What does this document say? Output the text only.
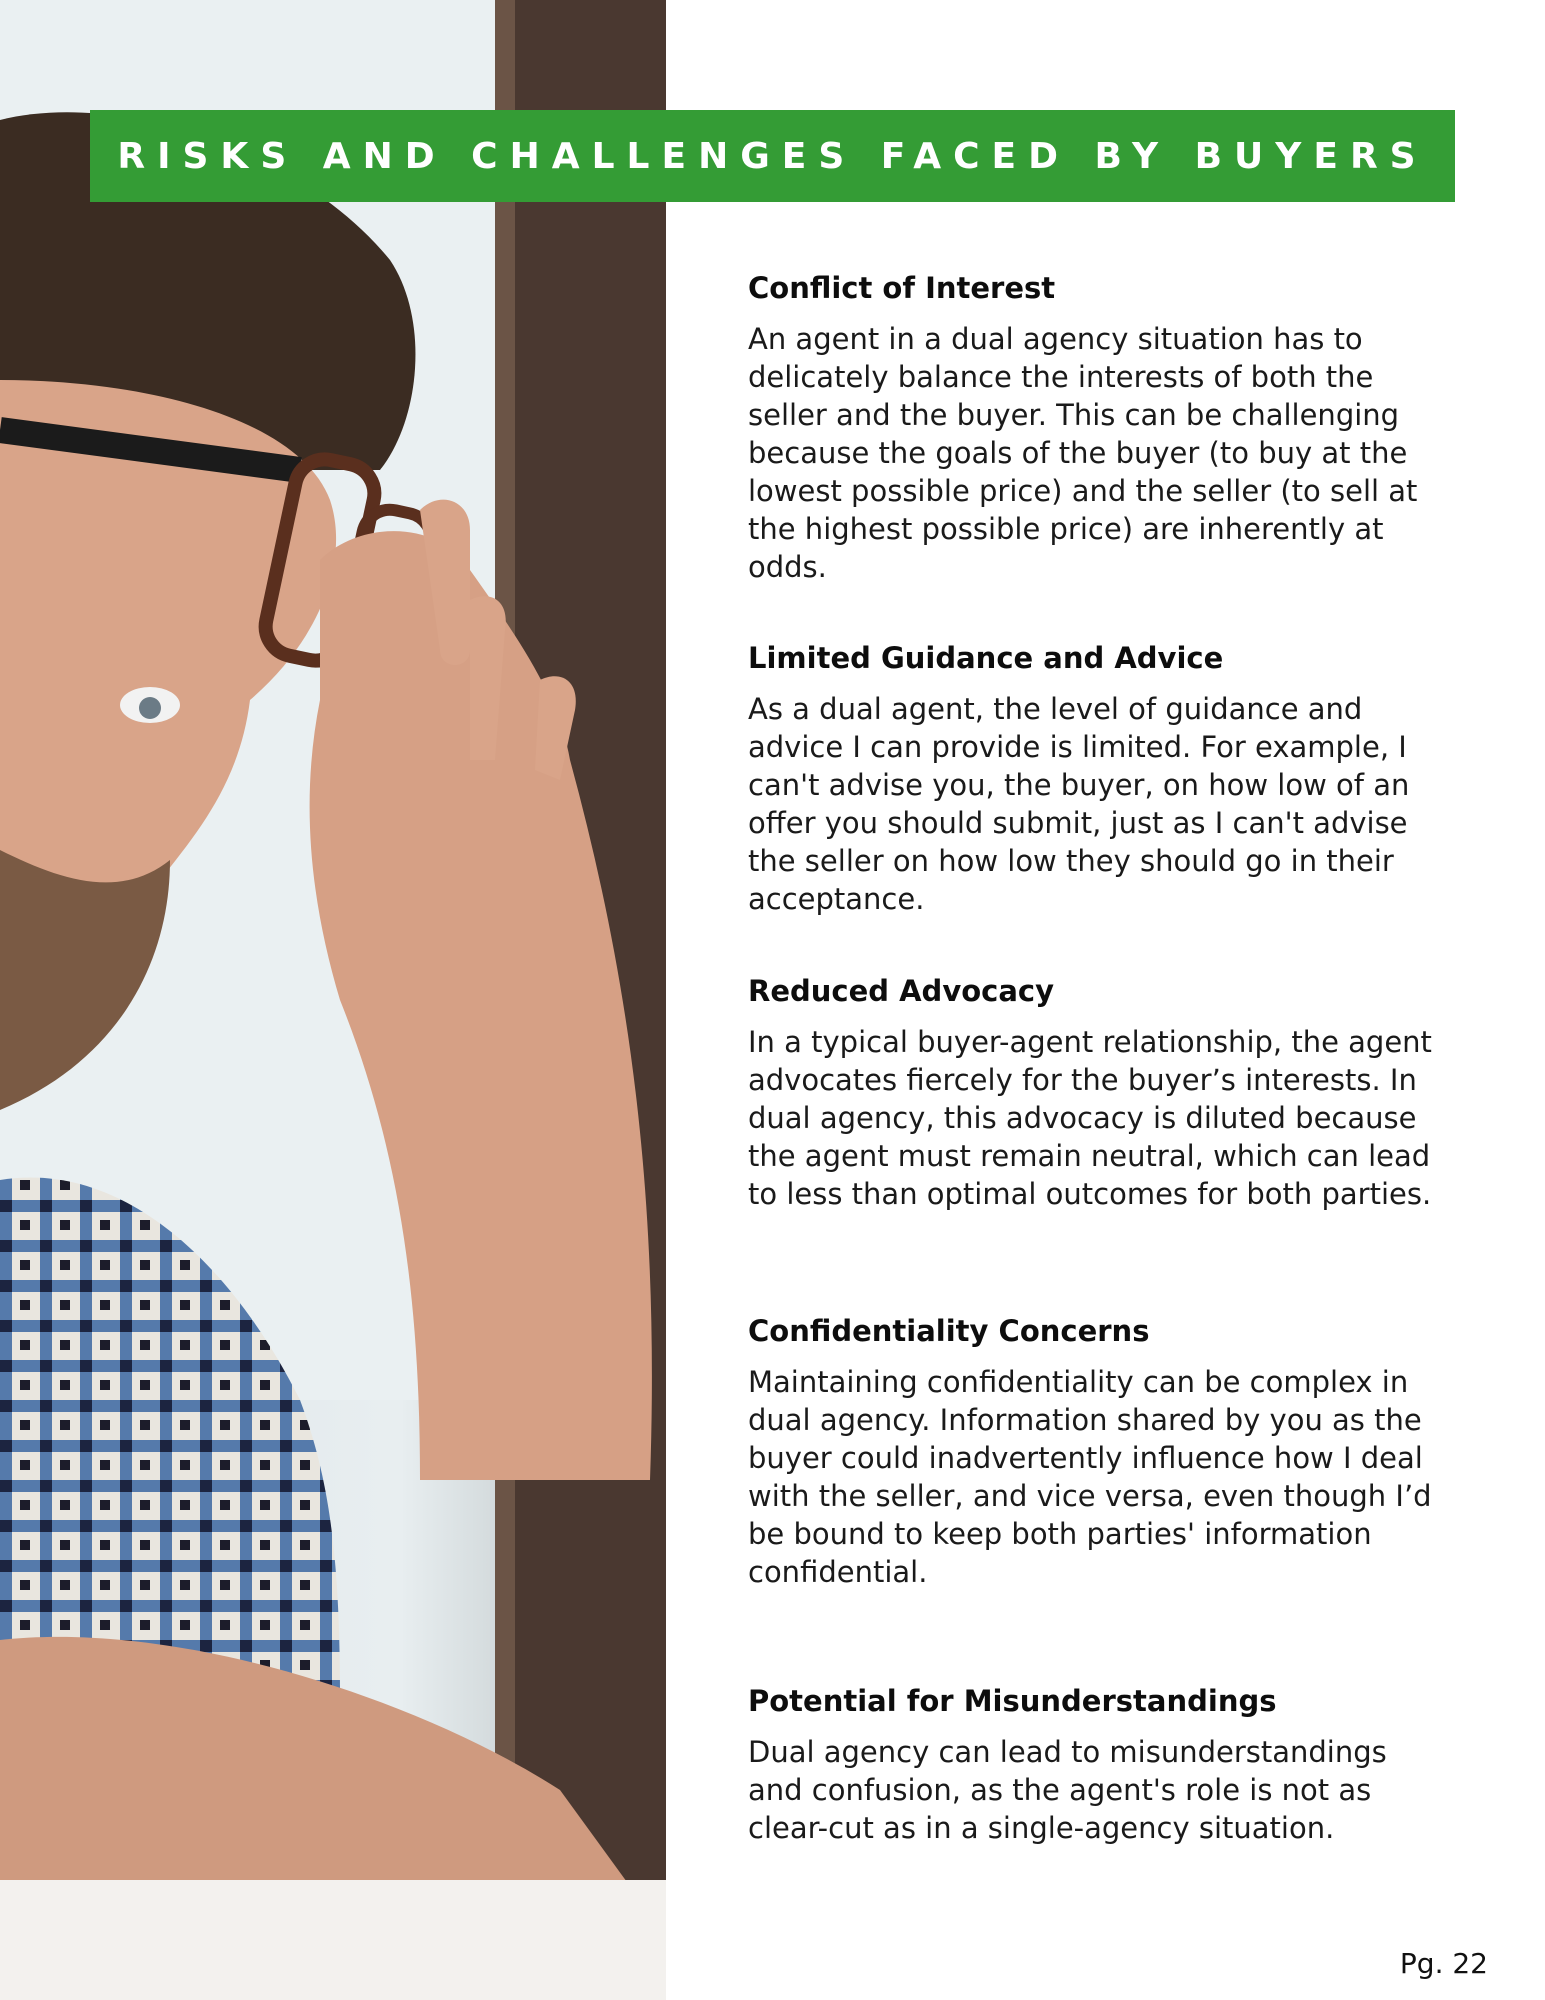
RISKS AND CHALLENGES FACED BY BUYERS
Conflict of Interest

An agent in a dual agency situation has to delicately balance the interests of both the seller and the buyer. This can be challenging because the goals of the buyer (to buy at the lowest possible price) and the seller (to sell at the highest possible price) are inherently at odds.

Limited Guidance and Advice

As a dual agent, the level of guidance and advice I can provide is limited. For example, I can't advise you, the buyer, on how low of an offer you should submit, just as I can't advise the seller on how low they should go in their acceptance.

Reduced Advocacy

In a typical buyer-agent relationship, the agent advocates fiercely for the buyer’s interests. In dual agency, this advocacy is diluted because the agent must remain neutral, which can lead to less than optimal outcomes for both parties.

Confidentiality Concerns

Maintaining confidentiality can be complex in dual agency. Information shared by you as the buyer could inadvertently influence how I deal with the seller, and vice versa, even though I’d be bound to keep both parties' information confidential.

Potential for Misunderstandings

Dual agency can lead to misunderstandings and confusion, as the agent's role is not as clear-cut as in a single-agency situation.

Pg. 22
